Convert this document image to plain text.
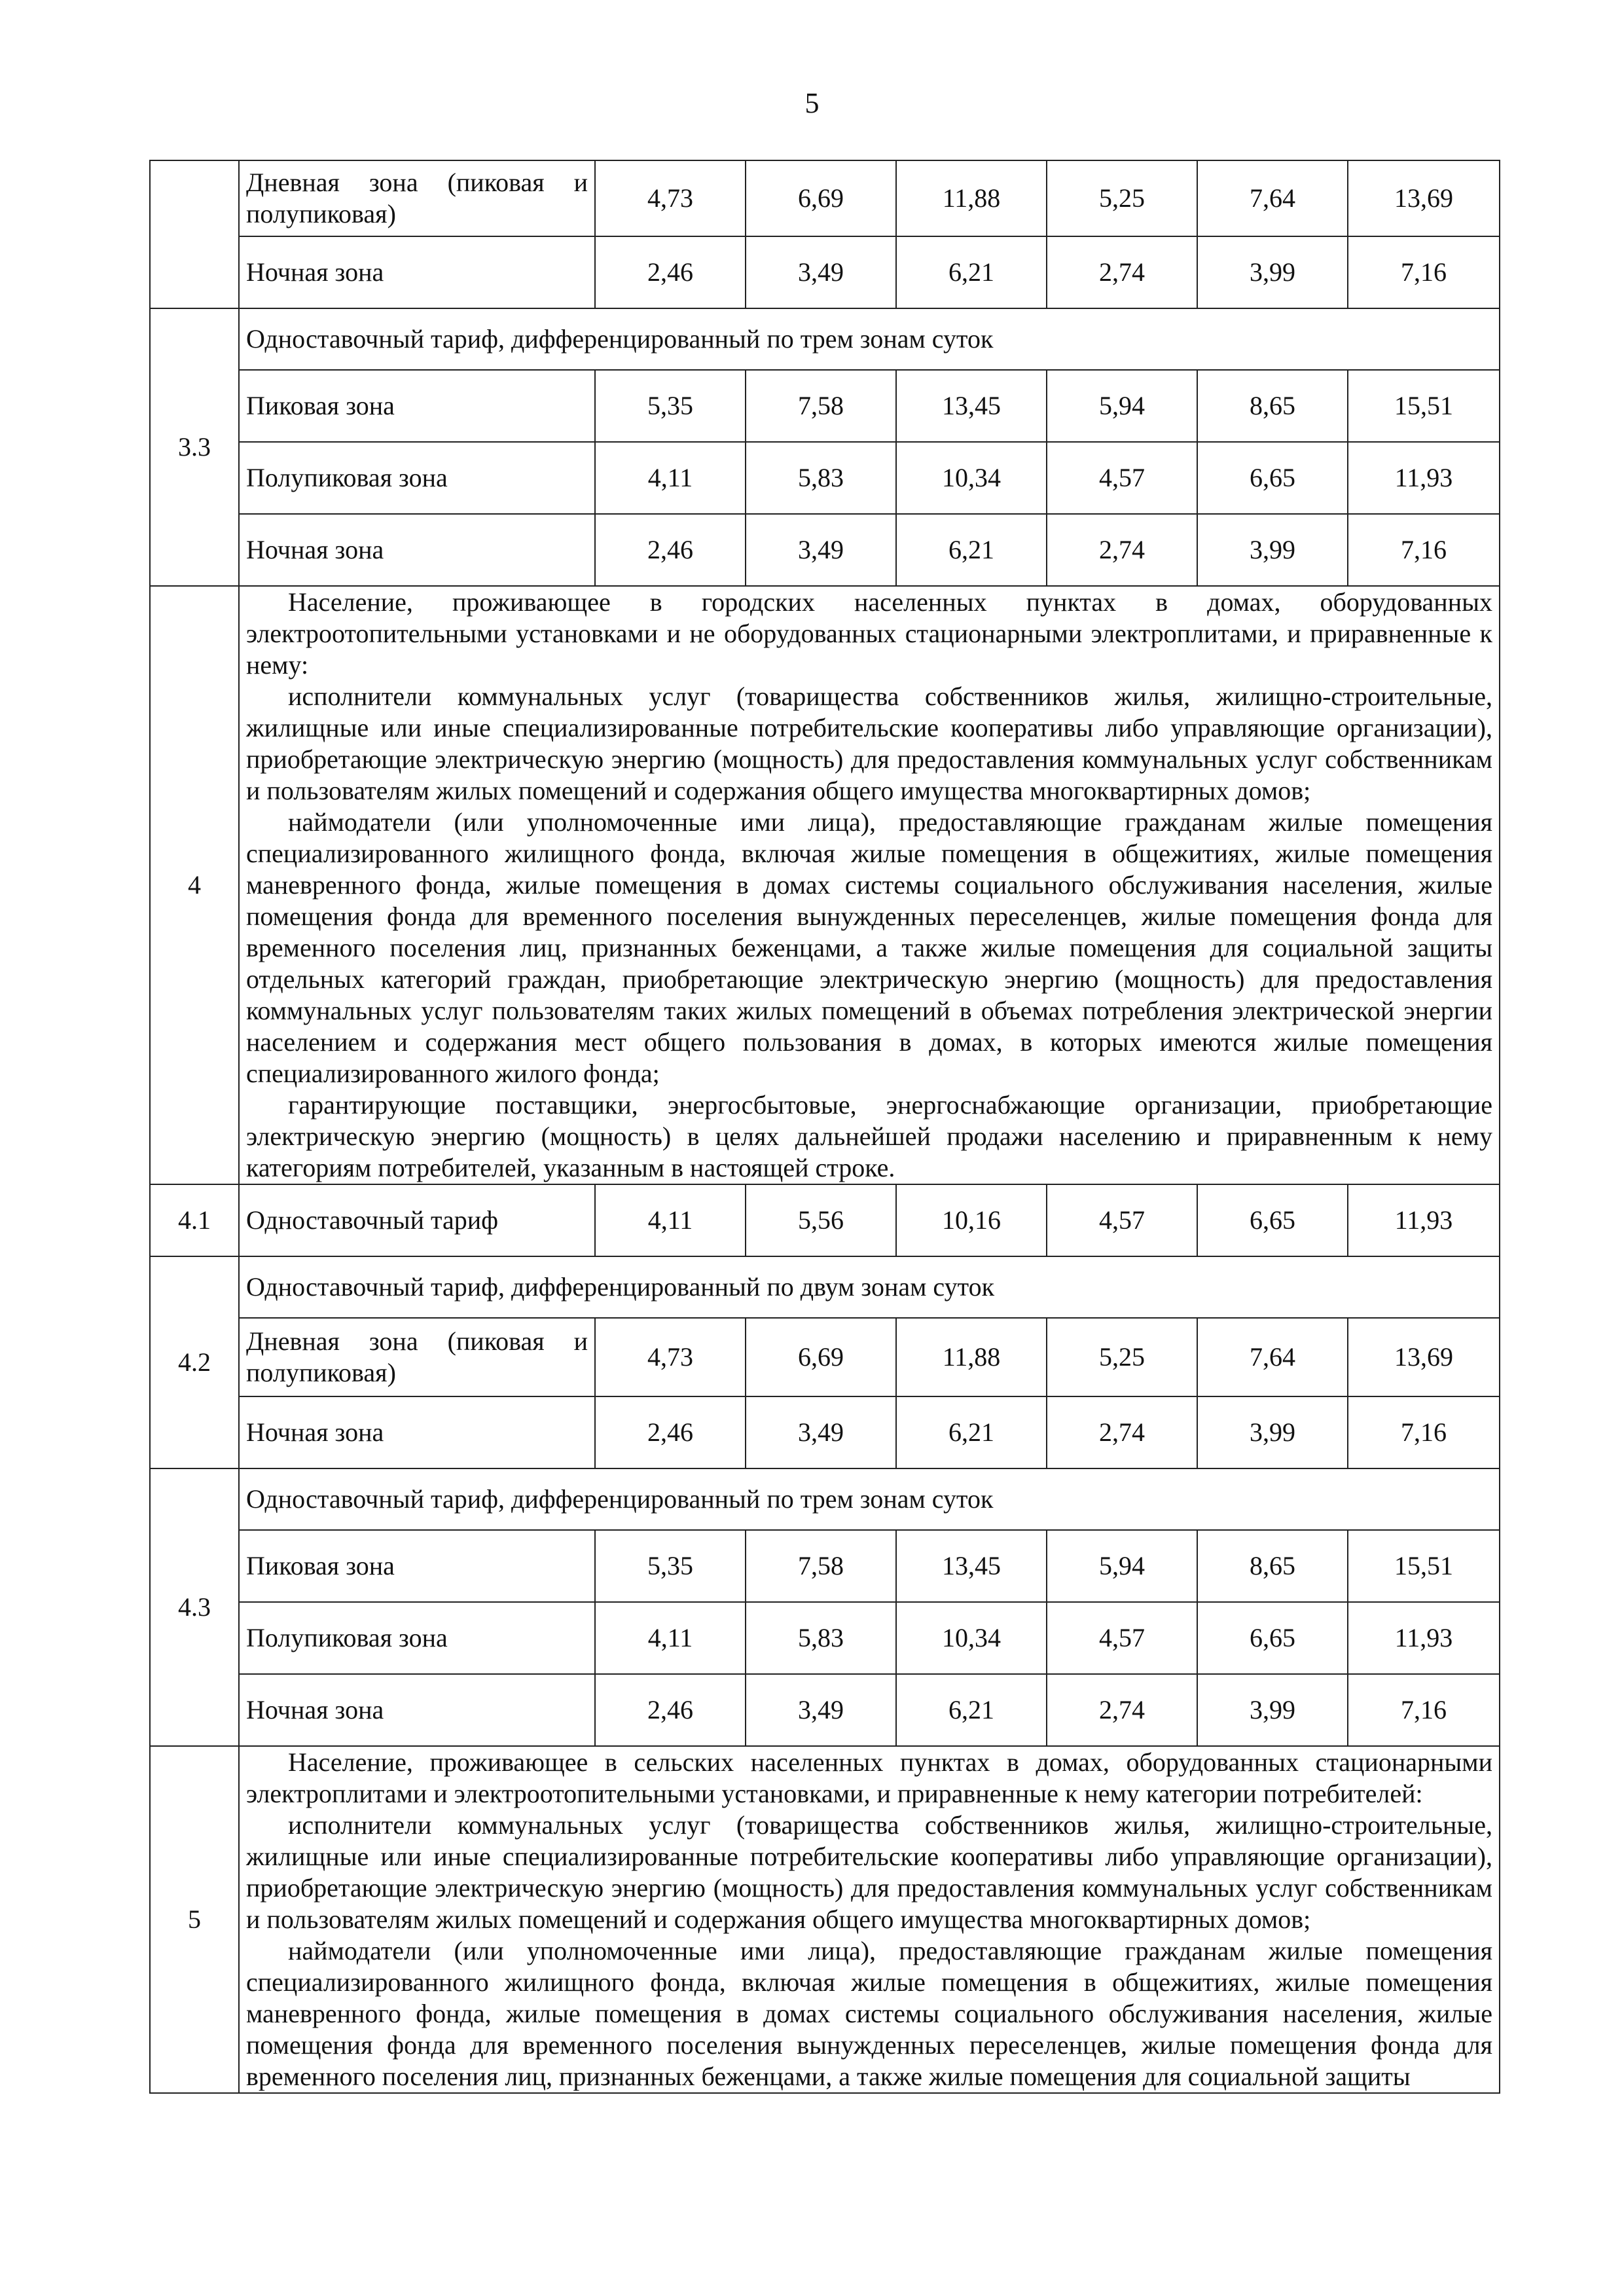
5
	Дневная зона (пиковая и полупиковая)	4,73	6,69	11,88	5,25	7,64	13,69
	Ночная зона	2,46	3,49	6,21	2,74	3,99	7,16
3.3	Одноставочный тариф, дифференцированный по трем зонам суток						
	Пиковая зона	5,35	7,58	13,45	5,94	8,65	15,51
	Полупиковая зона	4,11	5,83	10,34	4,57	6,65	11,93
	Ночная зона	2,46	3,49	6,21	2,74	3,99	7,16
4	Население, проживающее в городских населенных пунктах в домах, оборудованных электроотопительными установками и не оборудованных стационарными электроплитами, и приравненные к нему:

исполнители коммунальных услуг (товарищества собственников жилья, жилищно-строительные, жилищные или иные специализированные потребительские кооперативы либо управляющие организации), приобретающие электрическую энергию (мощность) для предоставления коммунальных услуг собственникам и пользователям жилых помещений и содержания общего имущества многоквартирных домов;

наймодатели (или уполномоченные ими лица), предоставляющие гражданам жилые помещения специализированного жилищного фонда, включая жилые помещения в общежитиях, жилые помещения маневренного фонда, жилые помещения в домах системы социального обслуживания населения, жилые помещения фонда для временного поселения вынужденных переселенцев, жилые помещения фонда для временного поселения лиц, признанных беженцами, а также жилые помещения для социальной защиты отдельных категорий граждан, приобретающие электрическую энергию (мощность) для предоставления коммунальных услуг пользователям таких жилых помещений в объемах потребления электрической энергии населением и содержания мест общего пользования в домах, в которых имеются жилые помещения специализированного жилого фонда;

гарантирующие поставщики, энергосбытовые, энергоснабжающие организации, приобретающие электрическую энергию (мощность) в целях дальнейшей продажи населению и приравненным к нему категориям потребителей, указанным в настоящей строке.						

4.1	Одноставочный тариф	4,11	5,56	10,16	4,57	6,65	11,93
4.2	Одноставочный тариф, дифференцированный по двум зонам суток						
	Дневная зона (пиковая и полупиковая)	4,73	6,69	11,88	5,25	7,64	13,69
	Ночная зона	2,46	3,49	6,21	2,74	3,99	7,16
4.3	Одноставочный тариф, дифференцированный по трем зонам суток						
	Пиковая зона	5,35	7,58	13,45	5,94	8,65	15,51
	Полупиковая зона	4,11	5,83	10,34	4,57	6,65	11,93
	Ночная зона	2,46	3,49	6,21	2,74	3,99	7,16
5	Население, проживающее в сельских населенных пунктах в домах, оборудованных стационарными электроплитами и электроотопительными установками, и приравненные к нему категории потребителей:

исполнители коммунальных услуг (товарищества собственников жилья, жилищно-строительные, жилищные или иные специализированные потребительские кооперативы либо управляющие организации), приобретающие электрическую энергию (мощность) для предоставления коммунальных услуг собственникам и пользователям жилых помещений и содержания общего имущества многоквартирных домов;

наймодатели (или уполномоченные ими лица), предоставляющие гражданам жилые помещения специализированного жилищного фонда, включая жилые помещения в общежитиях, жилые помещения маневренного фонда, жилые помещения в домах системы социального обслуживания населения, жилые помещения фонда для временного поселения вынужденных переселенцев, жилые помещения фонда для временного поселения лиц, признанных беженцами, а также жилые помещения для социальной защиты						
